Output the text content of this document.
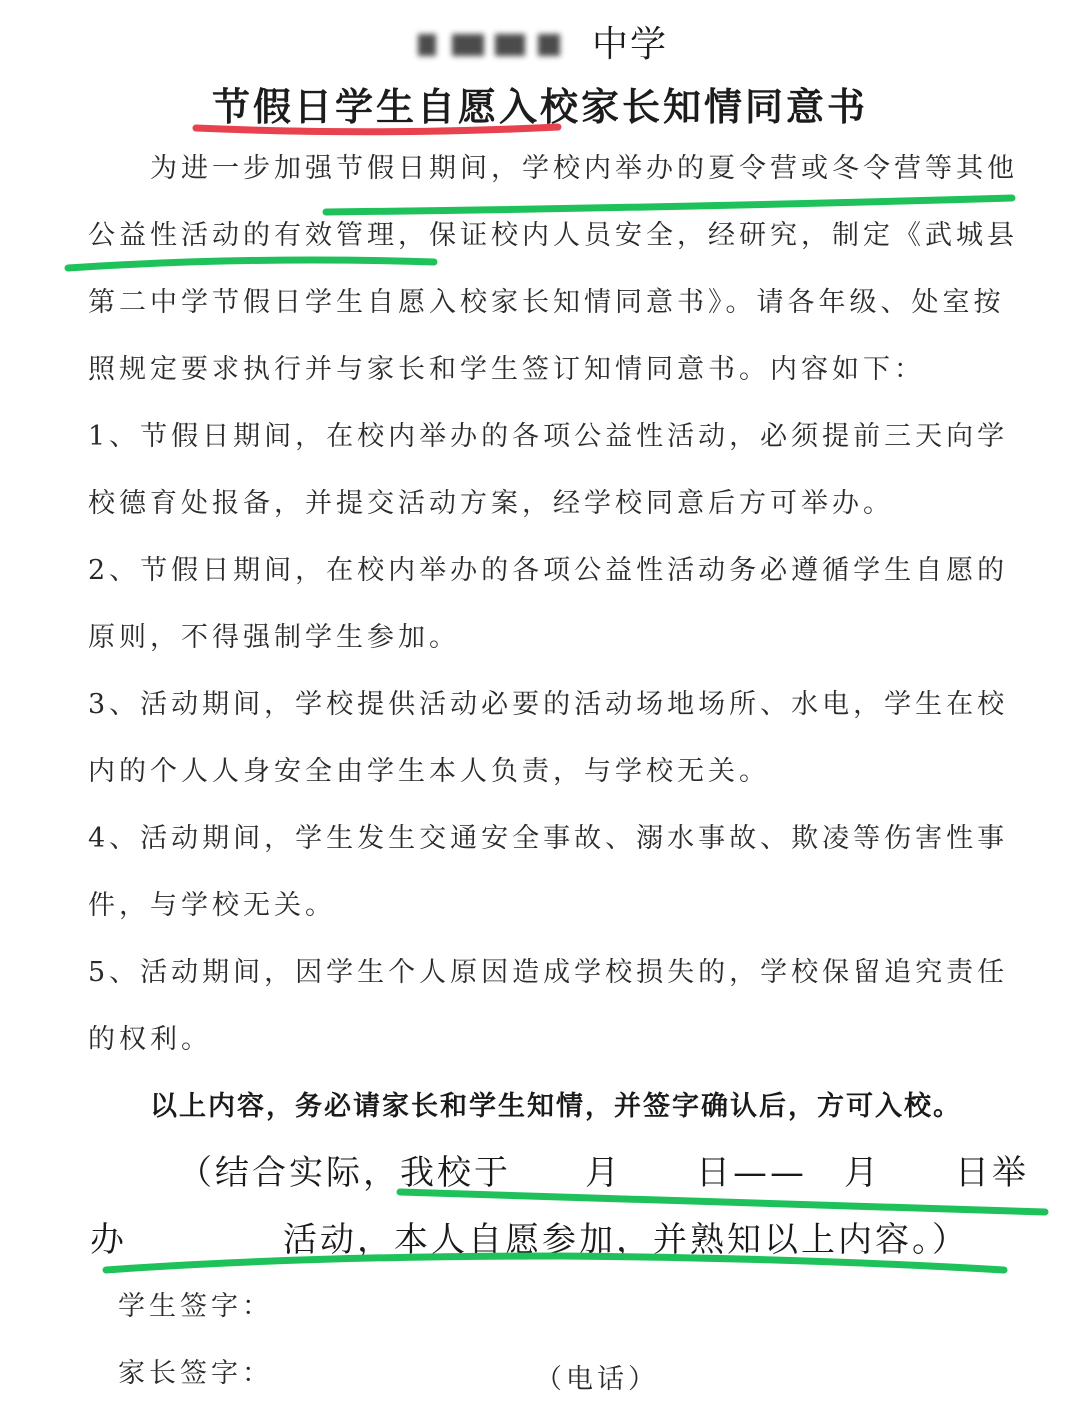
中学
节假日学生自愿入校家长知情同意书
为进一步加强节假日期间，学校内举办的夏令营或冬令营等其他
公益性活动的有效管理，保证校内人员安全，经研究，制定《武城县
第二中学节假日学生自愿入校家长知情同意书》。请各年级、处室按
照规定要求执行并与家长和学生签订知情同意书。内容如下：
1、节假日期间，在校内举办的各项公益性活动，必须提前三天向学
校德育处报备，并提交活动方案，经学校同意后方可举办。
2、节假日期间，在校内举办的各项公益性活动务必遵循学生自愿的
原则，不得强制学生参加。
3、活动期间，学校提供活动必要的活动场地场所、水电，学生在校
内的个人人身安全由学生本人负责，与学校无关。
4、活动期间，学生发生交通安全事故、溺水事故、欺凌等伤害性事
件，与学校无关。
5、活动期间，因学生个人原因造成学校损失的，学校保留追究责任
的权利。
以上内容，务必请家长和学生知情，并签字确认后，方可入校。
（结合实际，我校于　　月　　日——　月　　日举
办	活动，本人自愿参加，并熟知以上内容。）
学生签字：
家长签字：	（电话）
